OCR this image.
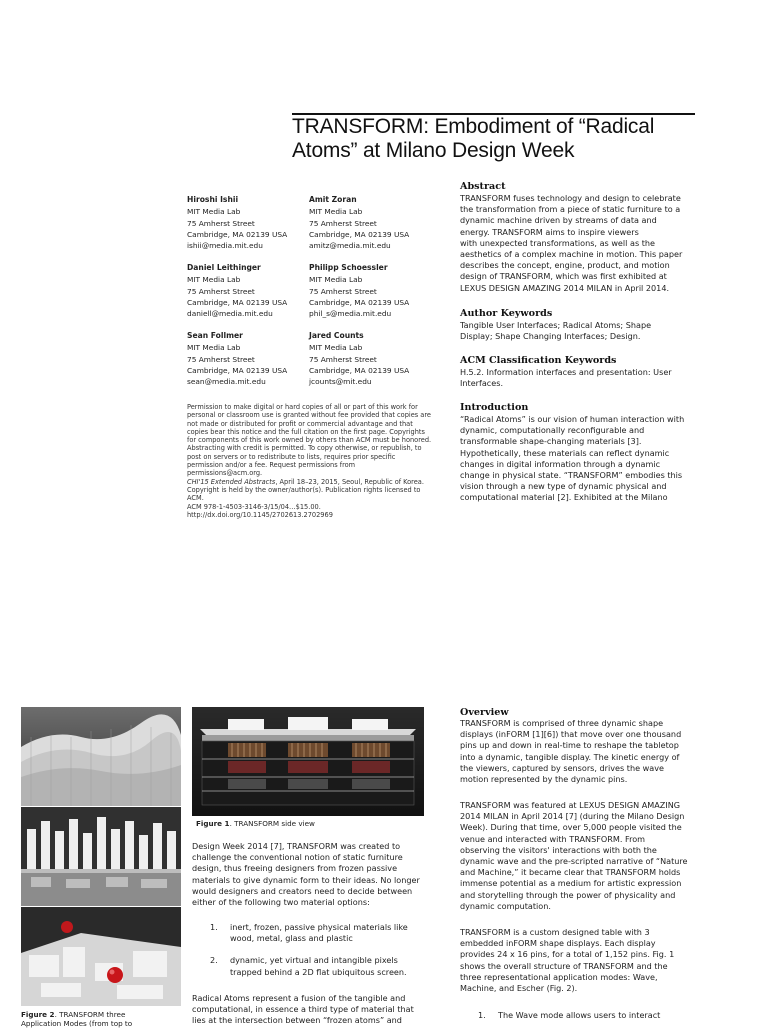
TRANSFORM: Embodiment of “Radical
Atoms” at Milano Design Week
Hiroshi Ishii
MIT Media Lab
75 Amherst Street
Cambridge, MA 02139 USA
ishii@media.mit.edu
Amit Zoran
MIT Media Lab
75 Amherst Street
Cambridge, MA 02139 USA
amitz@media.mit.edu
Daniel Leithinger
MIT Media Lab
75 Amherst Street
Cambridge, MA 02139 USA
daniell@media.mit.edu
Philipp Schoessler
MIT Media Lab
75 Amherst Street
Cambridge, MA 02139 USA
phil_s@media.mit.edu
Sean Follmer
MIT Media Lab
75 Amherst Street
Cambridge, MA 02139 USA
sean@media.mit.edu
Jared Counts
MIT Media Lab
75 Amherst Street
Cambridge, MA 02139 USA
jcounts@mit.edu
Permission to make digital or hard copies of all or part of this work for
personal or classroom use is granted without fee provided that copies are
not made or distributed for profit or commercial advantage and that
copies bear this notice and the full citation on the first page. Copyrights
for components of this work owned by others than ACM must be honored.
Abstracting with credit is permitted. To copy otherwise, or republish, to
post on servers or to redistribute to lists, requires prior specific
permission and/or a fee. Request permissions from
permissions@acm.org.
CHI'15 Extended Abstracts, April 18–23, 2015, Seoul, Republic of Korea.
Copyright is held by the owner/author(s). Publication rights licensed to
ACM.
ACM 978-1-4503-3146-3/15/04…$15.00.
http://dx.doi.org/10.1145/2702613.2702969
Abstract
TRANSFORM fuses technology and design to celebrate
the transformation from a piece of static furniture to a
dynamic machine driven by streams of data and
energy. TRANSFORM aims to inspire viewers
with unexpected transformations, as well as the
aesthetics of a complex machine in motion. This paper
describes the concept, engine, product, and motion
design of TRANSFORM, which was first exhibited at
LEXUS DESIGN AMAZING 2014 MILAN in April 2014.
Author Keywords
Tangible User Interfaces; Radical Atoms; Shape
Display; Shape Changing Interfaces; Design.
ACM Classification Keywords
H.5.2. Information interfaces and presentation: User
Interfaces.
Introduction
“Radical Atoms” is our vision of human interaction with
dynamic, computationally reconfigurable and
transformable shape-changing materials [3].
Hypothetically, these materials can reflect dynamic
changes in digital information through a dynamic
change in physical state. “TRANSFORM” embodies this
vision through a new type of dynamic physical and
computational material [2]. Exhibited at the Milano
Figure 2. TRANSFORM three
Application Modes (from top to
Figure 1. TRANSFORM side view
Design Week 2014 [7], TRANSFORM was created to
challenge the conventional notion of static furniture
design, thus freeing designers from frozen passive
materials to give dynamic form to their ideas. No longer
would designers and creators need to decide between
either of the following two material options:
1.	inert, frozen, passive physical materials like
wood, metal, glass and plastic
2.	dynamic, yet virtual and intangible pixels
trapped behind a 2D flat ubiquitous screen.
Radical Atoms represent a fusion of the tangible and
computational, in essence a third type of material that
lies at the intersection between “frozen atoms” and
Overview
TRANSFORM is comprised of three dynamic shape
displays (inFORM [1][6]) that move over one thousand
pins up and down in real-time to reshape the tabletop
into a dynamic, tangible display. The kinetic energy of
the viewers, captured by sensors, drives the wave
motion represented by the dynamic pins.
TRANSFORM was featured at LEXUS DESIGN AMAZING
2014 MILAN in April 2014 [7] (during the Milano Design
Week). During that time, over 5,000 people visited the
venue and interacted with TRANSFORM. From
observing the visitors' interactions with both the
dynamic wave and the pre-scripted narrative of “Nature
and Machine,” it became clear that TRANSFORM holds
immense potential as a medium for artistic expression
and storytelling through the power of physicality and
dynamic computation.
TRANSFORM is a custom designed table with 3
embedded inFORM shape displays. Each display
provides 24 x 16 pins, for a total of 1,152 pins. Fig. 1
shows the overall structure of TRANSFORM and the
three representational application modes: Wave,
Machine, and Escher (Fig. 2).
1.	The Wave mode allows users to interact
